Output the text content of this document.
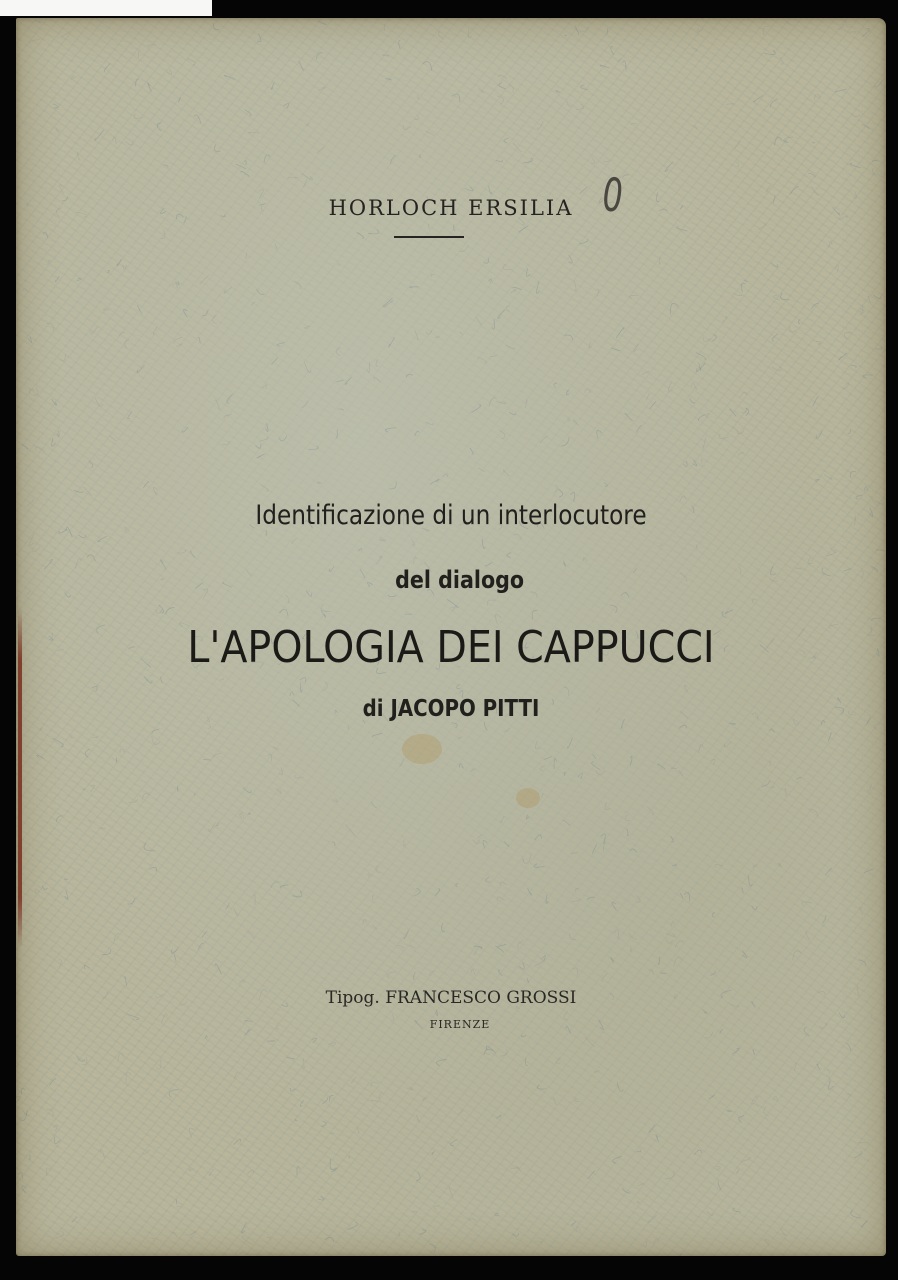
HORLOCH ERSILIA 0
Identificazione di un interlocutore
del dialogo
L'APOLOGIA DEI CAPPUCCI
di JACOPO PITTI
Tipog. FRANCESCO GROSSI
FIRENZE
